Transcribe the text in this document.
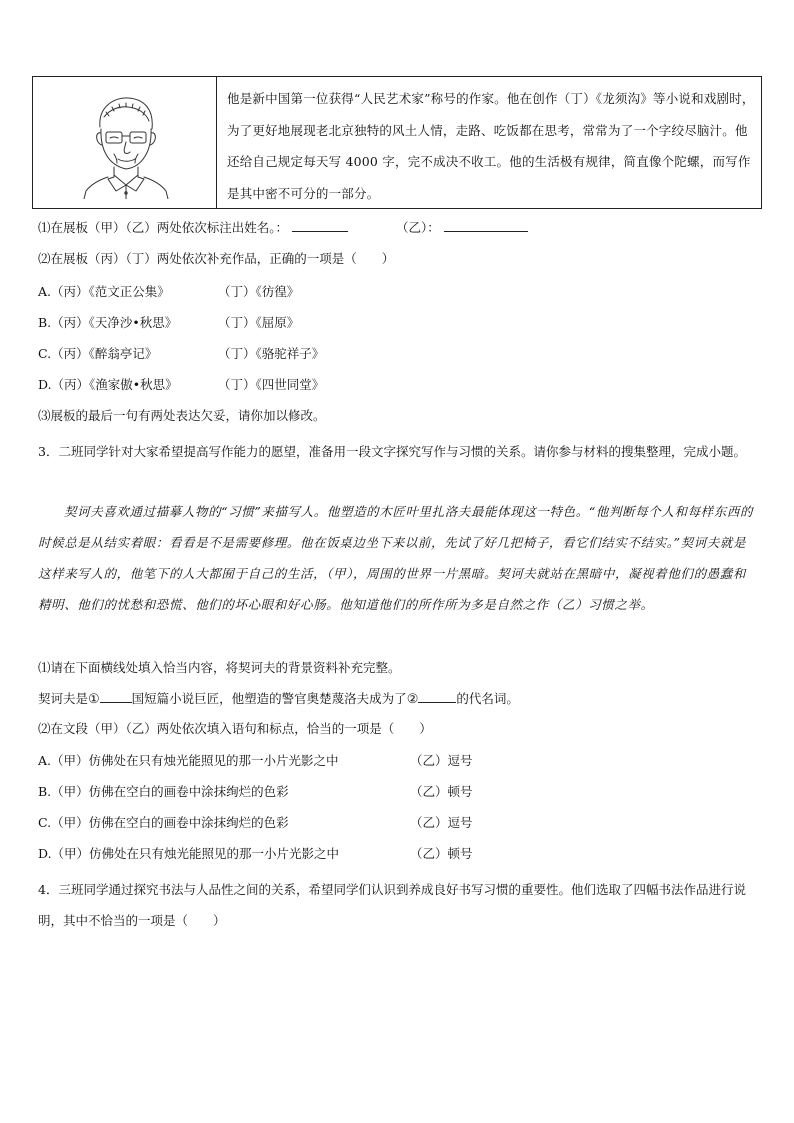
他是新中国第一位获得“人民艺术家”称号的作家。他在创作（丁）《龙须沟》等小说和戏剧时，为了更好地展现老北京独特的风土人情，走路、吃饭都在思考，常常为了一个字绞尽脑汁。他还给自己规定每天写 4000 字，完不成决不收工。他的生活极有规律，简直像个陀螺，而写作是其中密不可分的一部分。
⑴在展板（甲）（乙）两处依次标注出姓名。：	（乙）：
⑵在展板（丙）（丁）两处依次补充作品，正确的一项是（　　）
A.（丙）《范文正公集》	（丁）《彷徨》
B.（丙）《天净沙•秋思》	（丁）《屈原》
C.（丙）《醉翁亭记》	（丁）《骆驼祥子》
D.（丙）《渔家傲•秋思》	（丁）《四世同堂》
⑶展板的最后一句有两处表达欠妥，请你加以修改。
3．二班同学针对大家希望提高写作能力的愿望，准备用一段文字探究写作与习惯的关系。请你参与材料的搜集整理，完成小题。
契诃夫喜欢通过描摹人物的“习惯”来描写人。他塑造的木匠叶里扎洛夫最能体现这一特色。“他判断每个人和每样东西的时候总是从结实着眼：看看是不是需要修理。他在饭桌边坐下来以前，先试了好几把椅子，看它们结实不结实。”契诃夫就是这样来写人的，他笔下的人大都囿于自己的生活，（甲），周围的世界一片黑暗。契诃夫就站在黑暗中，凝视着他们的愚蠢和精明、他们的忧愁和恐慌、他们的坏心眼和好心肠。他知道他们的所作所为多是自然之作（乙）习惯之举。
⑴请在下面横线处填入恰当内容，将契诃夫的背景资料补充完整。
契诃夫是①	国短篇小说巨匠，他塑造的警官奥楚蔑洛夫成为了②	的代名词。
⑵在文段（甲）（乙）两处依次填入语句和标点，恰当的一项是（　　）
A.（甲）仿佛处在只有烛光能照见的那一小片光影之中	（乙）逗号
B.（甲）仿佛在空白的画卷中涂抹绚烂的色彩	（乙）顿号
C.（甲）仿佛在空白的画卷中涂抹绚烂的色彩	（乙）逗号
D.（甲）仿佛处在只有烛光能照见的那一小片光影之中	（乙）顿号
4．三班同学通过探究书法与人品性之间的关系，希望同学们认识到养成良好书写习惯的重要性。他们选取了四幅书法作品进行说明，其中不恰当的一项是（　　）
